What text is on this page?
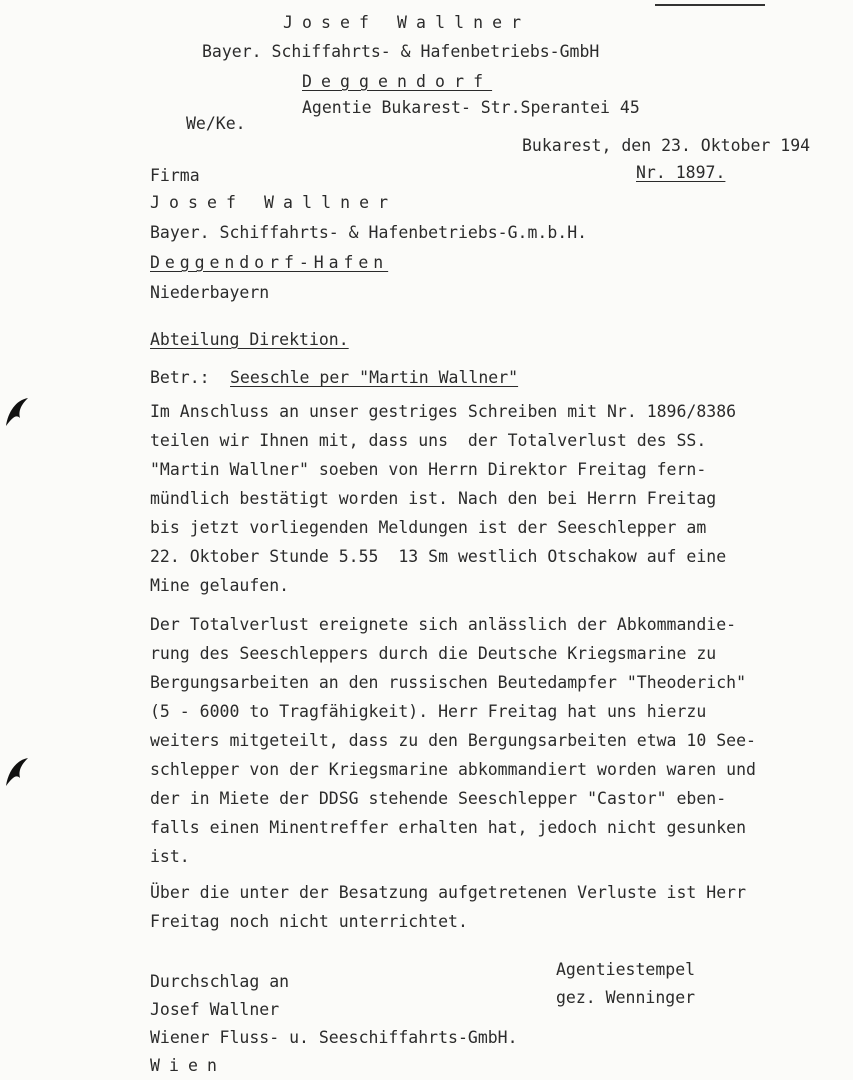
Josef Wallner
Bayer. Schiffahrts- & Hafenbetriebs-GmbH
Deggendorf
Agentie Bukarest- Str.Sperantei 45
We/Ke.
Bukarest, den 23. Oktober 194
Nr. 1897.
Firma
Josef Wallner
Bayer. Schiffahrts- & Hafenbetriebs-G.m.b.H.
Deggendorf-Hafen
Niederbayern
Abteilung Direktion.
Betr.: Seeschle per "Martin Wallner"
Im Anschluss an unser gestriges Schreiben mit Nr. 1896/8386
teilen wir Ihnen mit, dass uns  der Totalverlust des SS.
"Martin Wallner" soeben von Herrn Direktor Freitag fern-
mündlich bestätigt worden ist. Nach den bei Herrn Freitag
bis jetzt vorliegenden Meldungen ist der Seeschlepper am
22. Oktober Stunde 5.55  13 Sm westlich Otschakow auf eine
Mine gelaufen.
Der Totalverlust ereignete sich anlässlich der Abkommandie-
rung des Seeschleppers durch die Deutsche Kriegsmarine zu
Bergungsarbeiten an den russischen Beutedampfer "Theoderich"
(5 - 6000 to Tragfähigkeit). Herr Freitag hat uns hierzu
weiters mitgeteilt, dass zu den Bergungsarbeiten etwa 10 See-
schlepper von der Kriegsmarine abkommandiert worden waren und
der in Miete der DDSG stehende Seeschlepper "Castor" eben-
falls einen Minentreffer erhalten hat, jedoch nicht gesunken
ist.
Über die unter der Besatzung aufgetretenen Verluste ist Herr
Freitag noch nicht unterrichtet.
Agentiestempel
gez. Wenninger
Durchschlag an
Josef Wallner
Wiener Fluss- u. Seeschiffahrts-GmbH.
Wien
